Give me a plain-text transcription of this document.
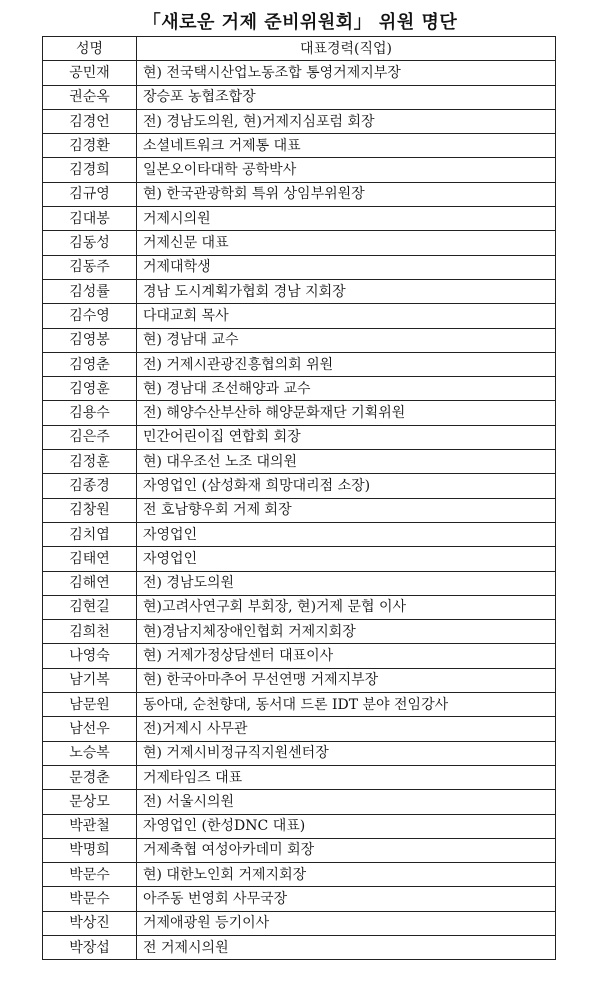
「새로운 거제 준비위원회」 위원 명단
성명	대표경력(직업)
공민재	현) 전국택시산업노동조합 통영거제지부장
권순옥	장승포 농협조합장
김경언	전) 경남도의원, 현)거제지심포럼 회장
김경환	소셜네트워크 거제통 대표
김경희	일본오이타대학 공학박사
김규영	현) 한국관광학회 특위 상임부위원장
김대봉	거제시의원
김동성	거제신문 대표
김동주	거제대학생
김성률	경남 도시계획가협회 경남 지회장
김수영	다대교회 목사
김영봉	현) 경남대 교수
김영춘	전) 거제시관광진흥협의회 위원
김영훈	현) 경남대 조선해양과 교수
김용수	전) 해양수산부산하 해양문화재단 기획위원
김은주	민간어린이집 연합회 회장
김정훈	현) 대우조선 노조 대의원
김종경	자영업인 (삼성화재 희망대리점 소장)
김창원	전 호남향우회 거제 회장
김치엽	자영업인
김태연	자영업인
김해연	전) 경남도의원
김현길	현)고려사연구회 부회장, 현)거제 문협 이사
김희천	현)경남지체장애인협회 거제지회장
나영숙	현) 거제가정상담센터 대표이사
남기복	현) 한국아마추어 무선연맹 거제지부장
남문원	동아대, 순천향대, 동서대 드론 IDT 분야 전임강사
남선우	전)거제시 사무관
노승복	현) 거제시비정규직지원센터장
문경춘	거제타임즈 대표
문상모	전) 서울시의원
박관철	자영업인 (한성DNC 대표)
박명희	거제축협 여성아카데미 회장
박문수	현) 대한노인회 거제지회장
박문수	아주동 번영회 사무국장
박상진	거제애광원 등기이사
박장섭	전 거제시의원
